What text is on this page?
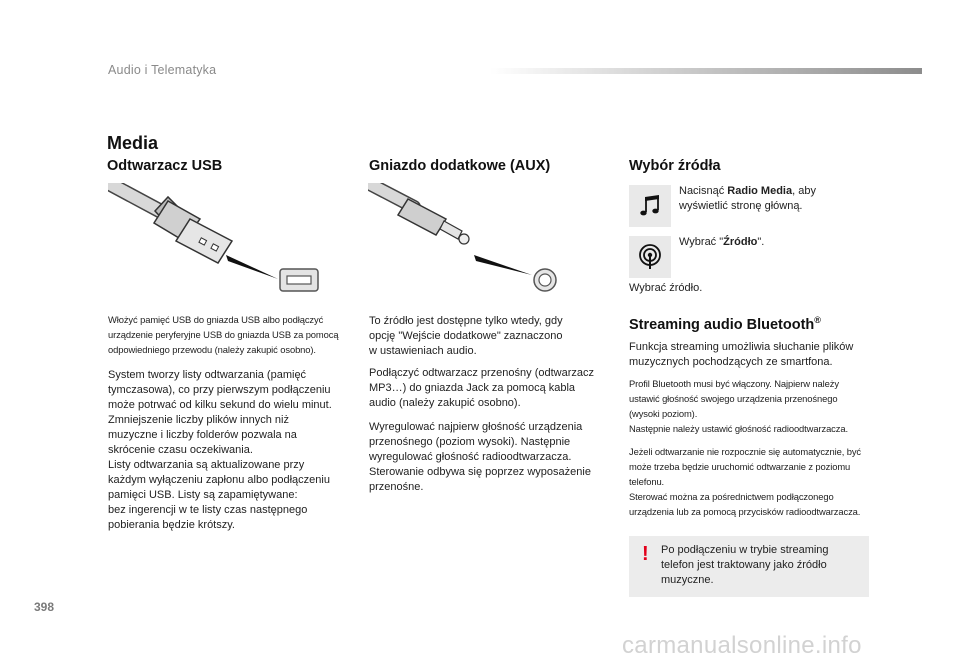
Audio i Telematyka
Media
Odtwarzacz USB
Włożyć pamięć USB do gniazda USB albo podłączyć
urządzenie peryferyjne USB do gniazda USB za pomocą
odpowiedniego przewodu (należy zakupić osobno).
System tworzy listy odtwarzania (pamięć
tymczasowa), co przy pierwszym podłączeniu
może potrwać od kilku sekund do wielu minut.
Zmniejszenie liczby plików innych niż
muzyczne i liczby folderów pozwala na
skrócenie czasu oczekiwania.
Listy odtwarzania są aktualizowane przy
każdym wyłączeniu zapłonu albo podłączeniu
pamięci USB. Listy są zapamiętywane:
bez ingerencji w te listy czas następnego
pobierania będzie krótszy.
Gniazdo dodatkowe (AUX)
To źródło jest dostępne tylko wtedy, gdy
opcję "Wejście dodatkowe" zaznaczono
w ustawieniach audio.
Podłączyć odtwarzacz przenośny (odtwarzacz
MP3…) do gniazda Jack za pomocą kabla
audio (należy zakupić osobno).
Wyregulować najpierw głośność urządzenia
przenośnego (poziom wysoki). Następnie
wyregulować głośność radioodtwarzacza.
Sterowanie odbywa się poprzez wyposażenie
przenośne.
Wybór źródła
Nacisnąć Radio Media, aby
wyświetlić stronę główną.
Wybrać "Źródło".
Wybrać źródło.
Streaming audio Bluetooth®
Funkcja streaming umożliwia słuchanie plików
muzycznych pochodzących ze smartfona.
Profil Bluetooth musi być włączony. Najpierw należy
ustawić głośność swojego urządzenia przenośnego
(wysoki poziom).
Następnie należy ustawić głośność radioodtwarzacza.
Jeżeli odtwarzanie nie rozpocznie się automatycznie, być
może trzeba będzie uruchomić odtwarzanie z poziomu
telefonu.
Sterować można za pośrednictwem podłączonego
urządzenia lub za pomocą przycisków radioodtwarzacza.
! Po podłączeniu w trybie streaming
telefon jest traktowany jako źródło
muzyczne.
398
carmanualsonline.info
